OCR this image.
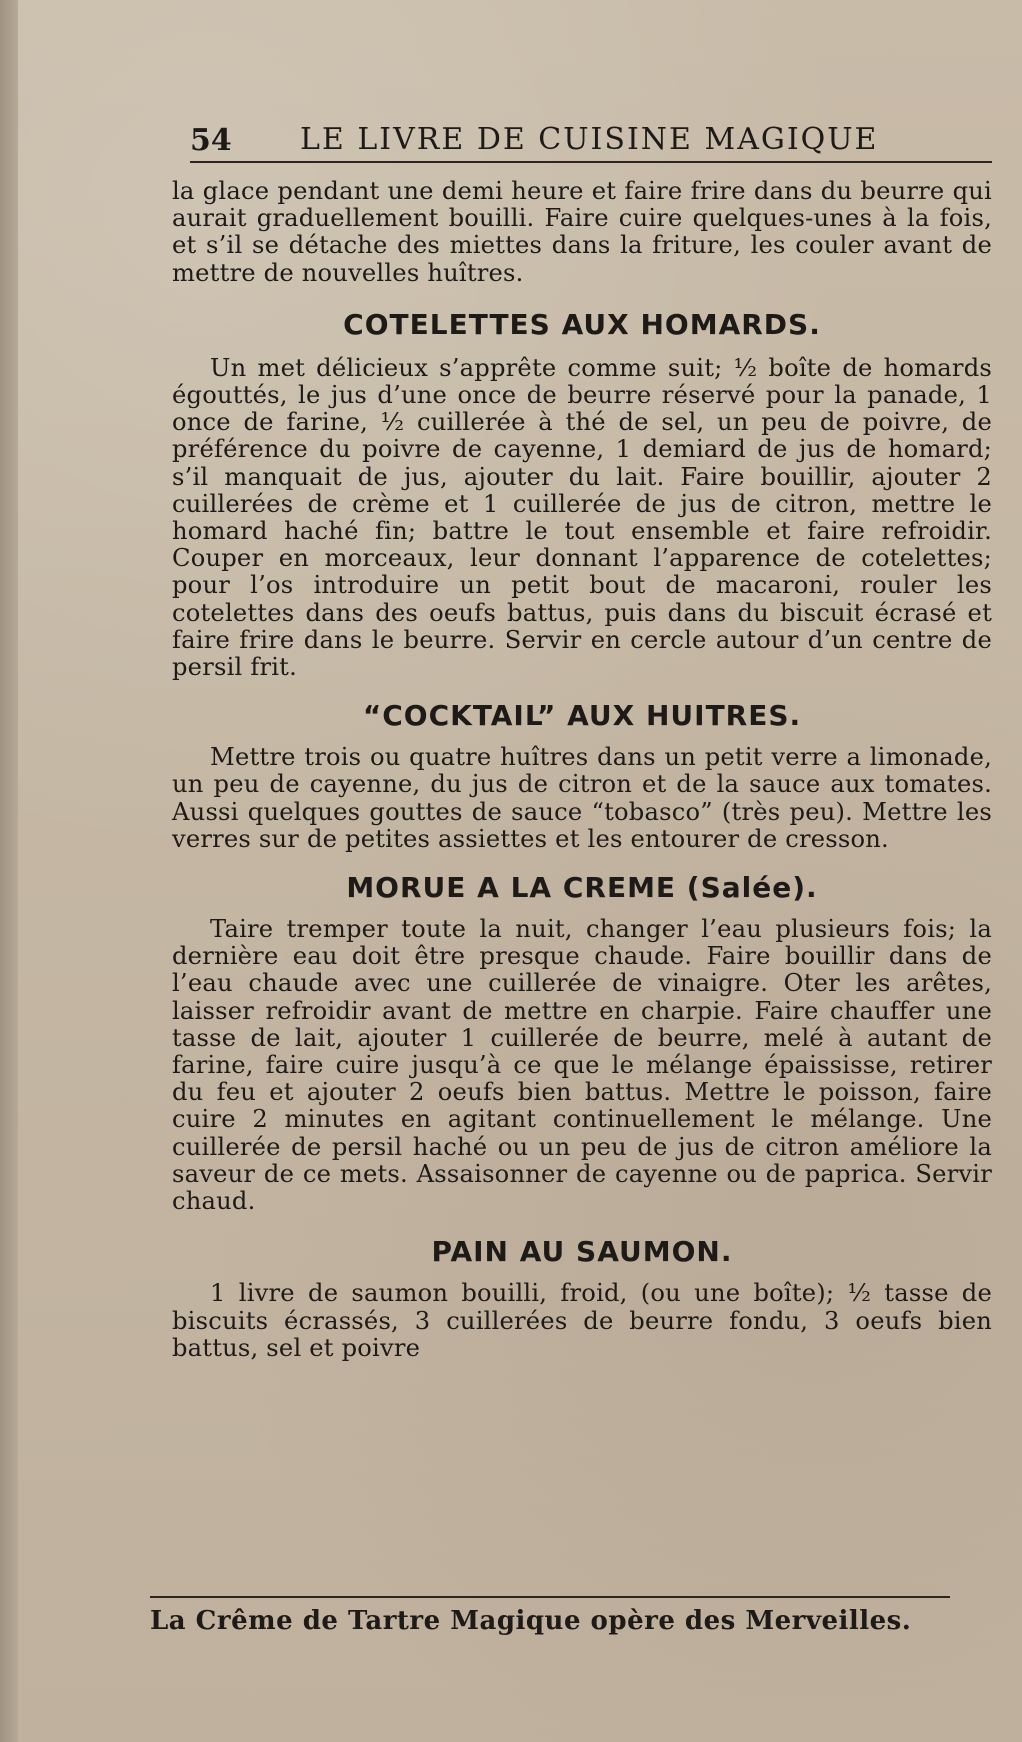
54 LE LIVRE DE CUISINE MAGIQUE

la glace pendant une demi heure et faire frire dans du beurre qui aurait graduellement bouilli. Faire cuire quelques-unes à la fois, et s’il se détache des miettes dans la friture, les couler avant de mettre de nouvelles huîtres.

COTELETTES AUX HOMARDS.

Un met délicieux s’apprête comme suit; ½ boîte de homards égouttés, le jus d’une once de beurre réservé pour la panade, 1 once de farine, ½ cuillerée à thé de sel, un peu de poivre, de préférence du poivre de cayenne, 1 demiard de jus de homard; s’il manquait de jus, ajouter du lait. Faire bouillir, ajouter 2 cuillerées de crème et 1 cuillerée de jus de citron, mettre le homard haché fin; battre le tout ensemble et faire refroidir. Couper en morceaux, leur donnant l’apparence de cotelettes; pour l’os introduire un petit bout de macaroni, rouler les cotelettes dans des oeufs battus, puis dans du biscuit écrasé et faire frire dans le beurre. Servir en cercle autour d’un centre de persil frit.

“COCKTAIL” AUX HUITRES.

Mettre trois ou quatre huîtres dans un petit verre a limonade, un peu de cayenne, du jus de citron et de la sauce aux tomates. Aussi quelques gouttes de sauce “tobasco” (très peu). Mettre les verres sur de petites assiettes et les entourer de cresson.

MORUE A LA CREME (Salée).

Taire tremper toute la nuit, changer l’eau plusieurs fois; la dernière eau doit être presque chaude. Faire bouillir dans de l’eau chaude avec une cuillerée de vinaigre. Oter les arêtes, laisser refroidir avant de mettre en charpie. Faire chauffer une tasse de lait, ajouter 1 cuillerée de beurre, melé à autant de farine, faire cuire jusqu’à ce que le mélange épaississe, retirer du feu et ajouter 2 oeufs bien battus. Mettre le poisson, faire cuire 2 minutes en agitant continuellement le mélange. Une cuillerée de persil haché ou un peu de jus de citron améliore la saveur de ce mets. Assaisonner de cayenne ou de paprica. Servir chaud.

PAIN AU SAUMON.

1 livre de saumon bouilli, froid, (ou une boîte); ½ tasse de biscuits écrassés, 3 cuillerées de beurre fondu, 3 oeufs bien battus, sel et poivre

La Crême de Tartre Magique opère des Merveilles.
